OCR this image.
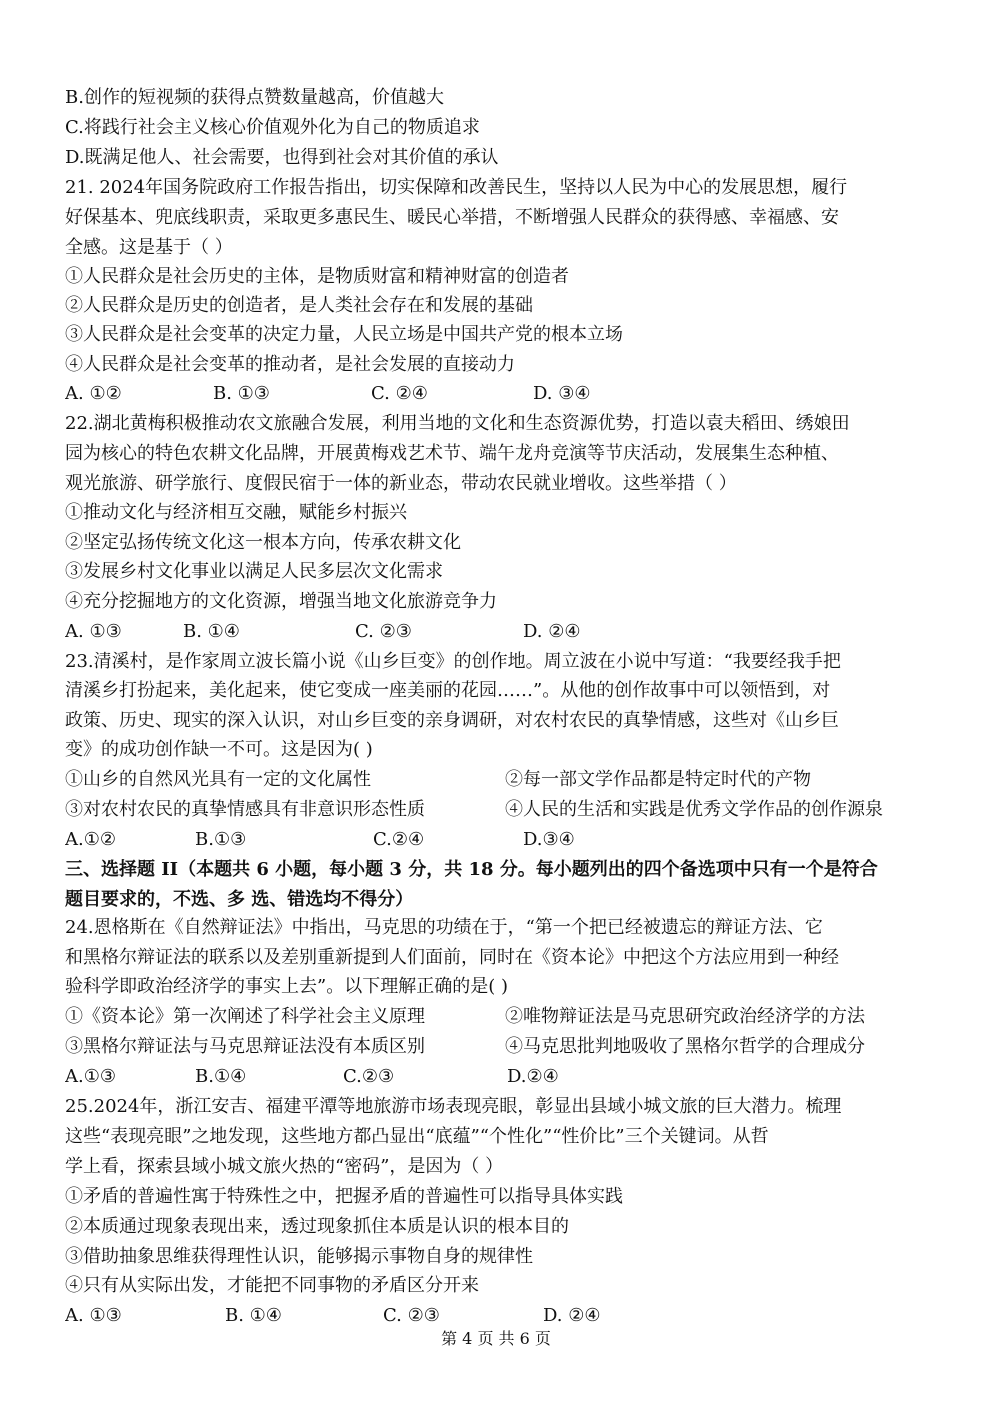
B.创作的短视频的获得点赞数量越高，价值越大
C.将践行社会主义核心价值观外化为自己的物质追求
D.既满足他人、社会需要，也得到社会对其价值的承认
21. 2024年国务院政府工作报告指出，切实保障和改善民生，坚持以人民为中心的发展思想，履行
好保基本、兜底线职责，采取更多惠民生、暖民心举措，不断增强人民群众的获得感、幸福感、安
全感。这是基于（ ）
①人民群众是社会历史的主体，是物质财富和精神财富的创造者
②人民群众是历史的创造者，是人类社会存在和发展的基础
③人民群众是社会变革的决定力量，人民立场是中国共产党的根本立场
④人民群众是社会变革的推动者，是社会发展的直接动力
A. ①②	B. ①③	C. ②④	D. ③④
22.湖北黄梅积极推动农文旅融合发展，利用当地的文化和生态资源优势，打造以袁夫稻田、绣娘田
园为核心的特色农耕文化品牌，开展黄梅戏艺术节、端午龙舟竞演等节庆活动，发展集生态种植、
观光旅游、研学旅行、度假民宿于一体的新业态，带动农民就业增收。这些举措（ ）
①推动文化与经济相互交融，赋能乡村振兴
②坚定弘扬传统文化这一根本方向，传承农耕文化
③发展乡村文化事业以满足人民多层次文化需求
④充分挖掘地方的文化资源，增强当地文化旅游竞争力
A. ①③	B. ①④	C. ②③	D. ②④
23.清溪村，是作家周立波长篇小说《山乡巨变》的创作地。周立波在小说中写道：“我要经我手把
清溪乡打扮起来，美化起来，使它变成一座美丽的花园……”。从他的创作故事中可以领悟到，对
政策、历史、现实的深入认识，对山乡巨变的亲身调研，对农村农民的真挚情感，这些对《山乡巨
变》的成功创作缺一不可。这是因为( )
①山乡的自然风光具有一定的文化属性	②每一部文学作品都是特定时代的产物
③对农村农民的真挚情感具有非意识形态性质	④人民的生活和实践是优秀文学作品的创作源泉
A.①②	B.①③	C.②④	D.③④
三、选择题 II（本题共 6 小题，每小题 3 分，共 18 分。每小题列出的四个备选项中只有一个是符合
题目要求的，不选、多 选、错选均不得分）
24.恩格斯在《自然辩证法》中指出，马克思的功绩在于，“第一个把已经被遗忘的辩证方法、它
和黑格尔辩证法的联系以及差别重新提到人们面前，同时在《资本论》中把这个方法应用到一种经
验科学即政治经济学的事实上去”。以下理解正确的是( )
①《资本论》第一次阐述了科学社会主义原理	②唯物辩证法是马克思研究政治经济学的方法
③黑格尔辩证法与马克思辩证法没有本质区别	④马克思批判地吸收了黑格尔哲学的合理成分
A.①③	B.①④	C.②③	D.②④
25.2024年，浙江安吉、福建平潭等地旅游市场表现亮眼，彰显出县域小城文旅的巨大潜力。梳理
这些“表现亮眼”之地发现，这些地方都凸显出“底蕴”“个性化”“性价比”三个关键词。从哲
学上看，探索县域小城文旅火热的“密码”，是因为（ ）
①矛盾的普遍性寓于特殊性之中，把握矛盾的普遍性可以指导具体实践
②本质通过现象表现出来，透过现象抓住本质是认识的根本目的
③借助抽象思维获得理性认识，能够揭示事物自身的规律性
④只有从实际出发，才能把不同事物的矛盾区分开来
A. ①③	B. ①④	C. ②③	D. ②④
第 4 页 共 6 页
